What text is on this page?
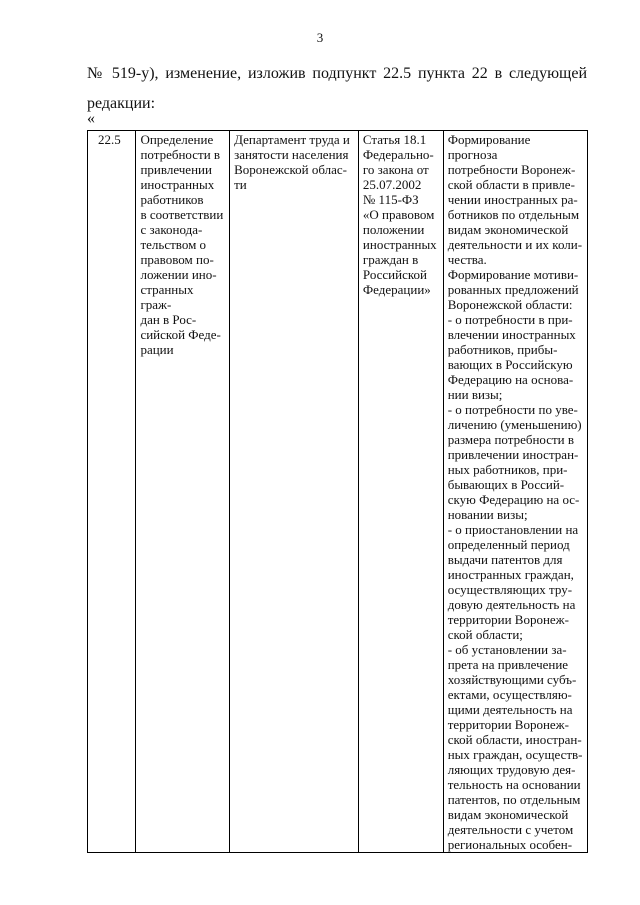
3
№ 519-у), изменение, изложив подпункт 22.5 пункта 22 в следующей
редакции:
«
22.5	Определение
потребности в
привлечении
иностранных
работников
в соответствии
с законода-
тельством о
правовом по-
ложении ино-
странных граж-
дан в Рос-
сийской Феде-
рации

Департамент труда и
занятости населения
Воронежской облас-
ти

Статья 18.1
Федерально-
го закона от
25.07.2002
№ 115-ФЗ
«О правовом
положении
иностранных
граждан в
Российской
Федерации»

Формирование прогноза
потребности Воронеж-
ской области в привле-
чении иностранных ра-
ботников по отдельным
видам экономической
деятельности и их коли-
чества.
Формирование мотиви-
рованных предложений
Воронежской области:
- о потребности в при-
влечении иностранных
работников, прибы-
вающих в Российскую
Федерацию на основа-
нии визы;
- о потребности по уве-
личению (уменьшению)
размера потребности в
привлечении иностран-
ных работников, при-
бывающих в Россий-
скую Федерацию на ос-
новании визы;
- о приостановлении на
определенный период
выдачи патентов для
иностранных граждан,
осуществляющих тру-
довую деятельность на
территории Воронеж-
ской области;
- об установлении за-
прета на привлечение
хозяйствующими субъ-
ектами, осуществляю-
щими деятельность на
территории Воронеж-
ской области, иностран-
ных граждан, осуществ-
ляющих трудовую дея-
тельность на основании
патентов, по отдельным
видам экономической
деятельности с учетом
региональных особен-
